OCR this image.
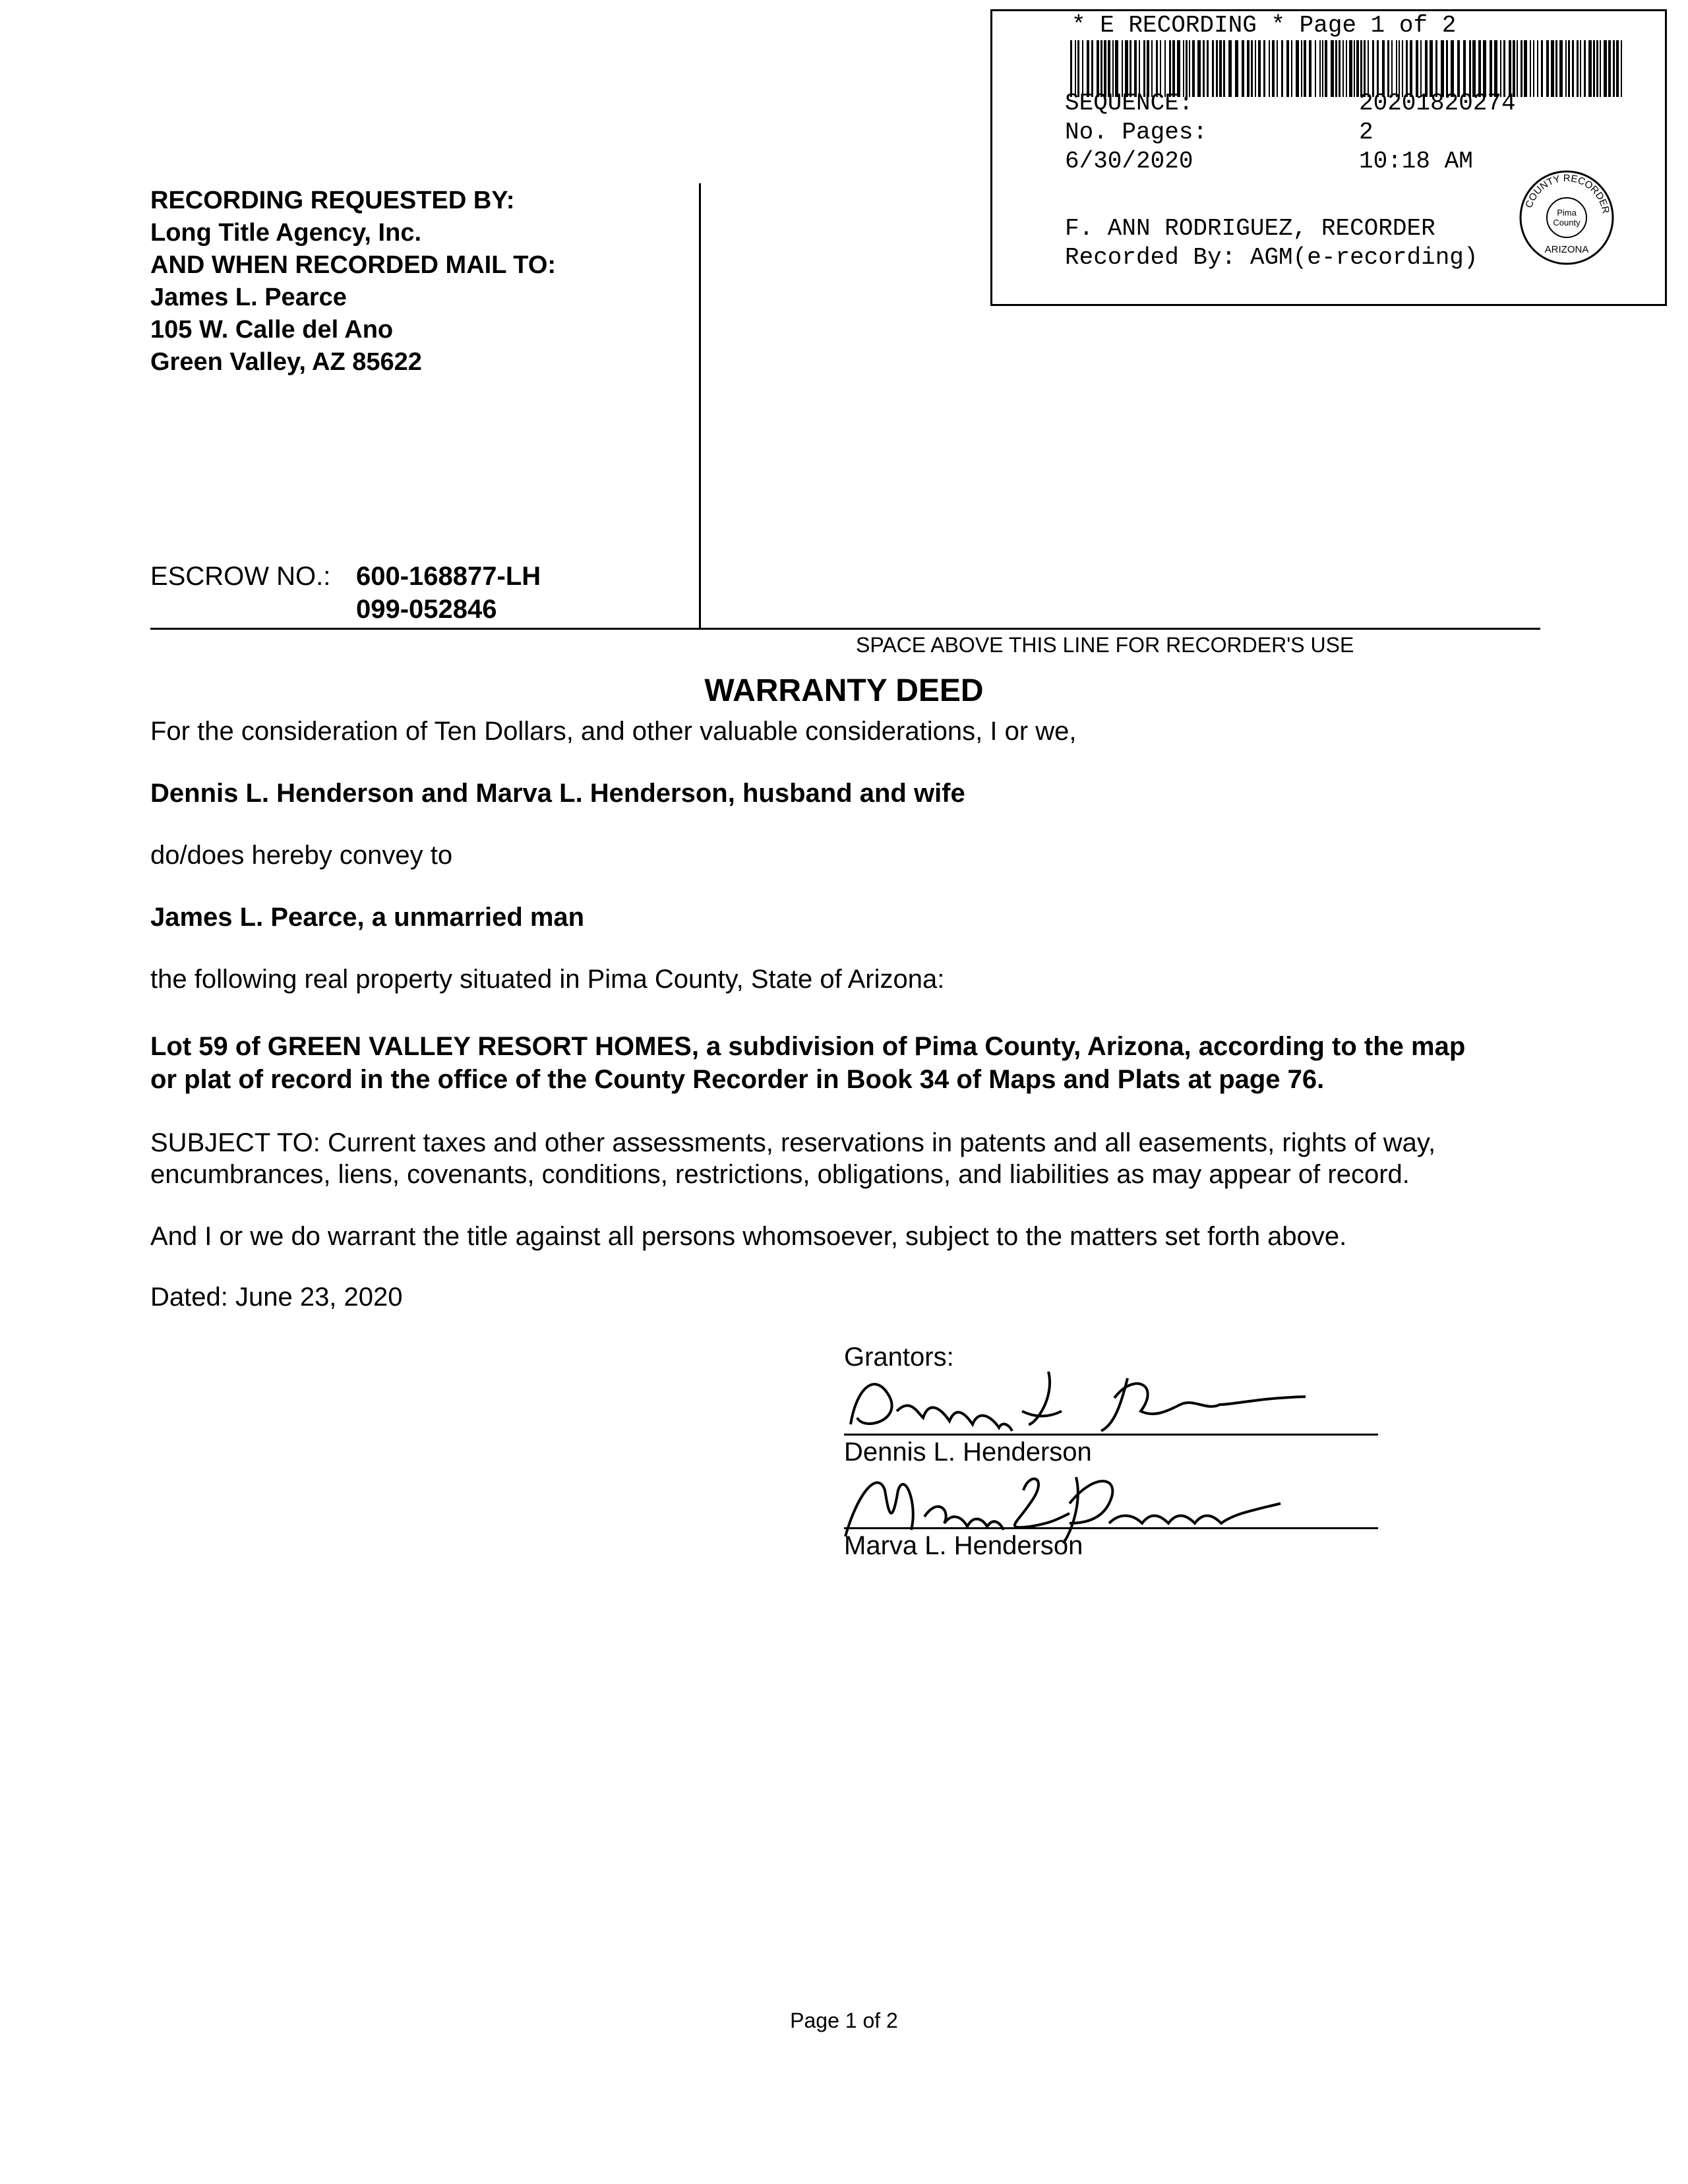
* E RECORDING * Page 1 of 2
SEQUENCE:	20201820274
No. Pages:	2
6/30/2020	10:18 AM
F. ANN RODRIGUEZ, RECORDER
Recorded By: AGM(e-recording)
COUNTY RECORDER
Pima
County
ARIZONA
RECORDING REQUESTED BY:
Long Title Agency, Inc.
AND WHEN RECORDED MAIL TO:
James L. Pearce
105 W. Calle del Ano
Green Valley, AZ 85622
ESCROW NO.: 600-168877-LH
099-052846
SPACE ABOVE THIS LINE FOR RECORDER'S USE
WARRANTY DEED
For the consideration of Ten Dollars, and other valuable considerations, I or we,
Dennis L. Henderson and Marva L. Henderson, husband and wife
do/does hereby convey to
James L. Pearce, a unmarried man
the following real property situated in Pima County, State of Arizona:
Lot 59 of GREEN VALLEY RESORT HOMES, a subdivision of Pima County, Arizona, according to the map
or plat of record in the office of the County Recorder in Book 34 of Maps and Plats at page 76.
SUBJECT TO: Current taxes and other assessments, reservations in patents and all easements, rights of way,
encumbrances, liens, covenants, conditions, restrictions, obligations, and liabilities as may appear of record.
And I or we do warrant the title against all persons whomsoever, subject to the matters set forth above.
Dated: June 23, 2020
Grantors:
Dennis L. Henderson
Marva L. Henderson
Page 1 of 2
